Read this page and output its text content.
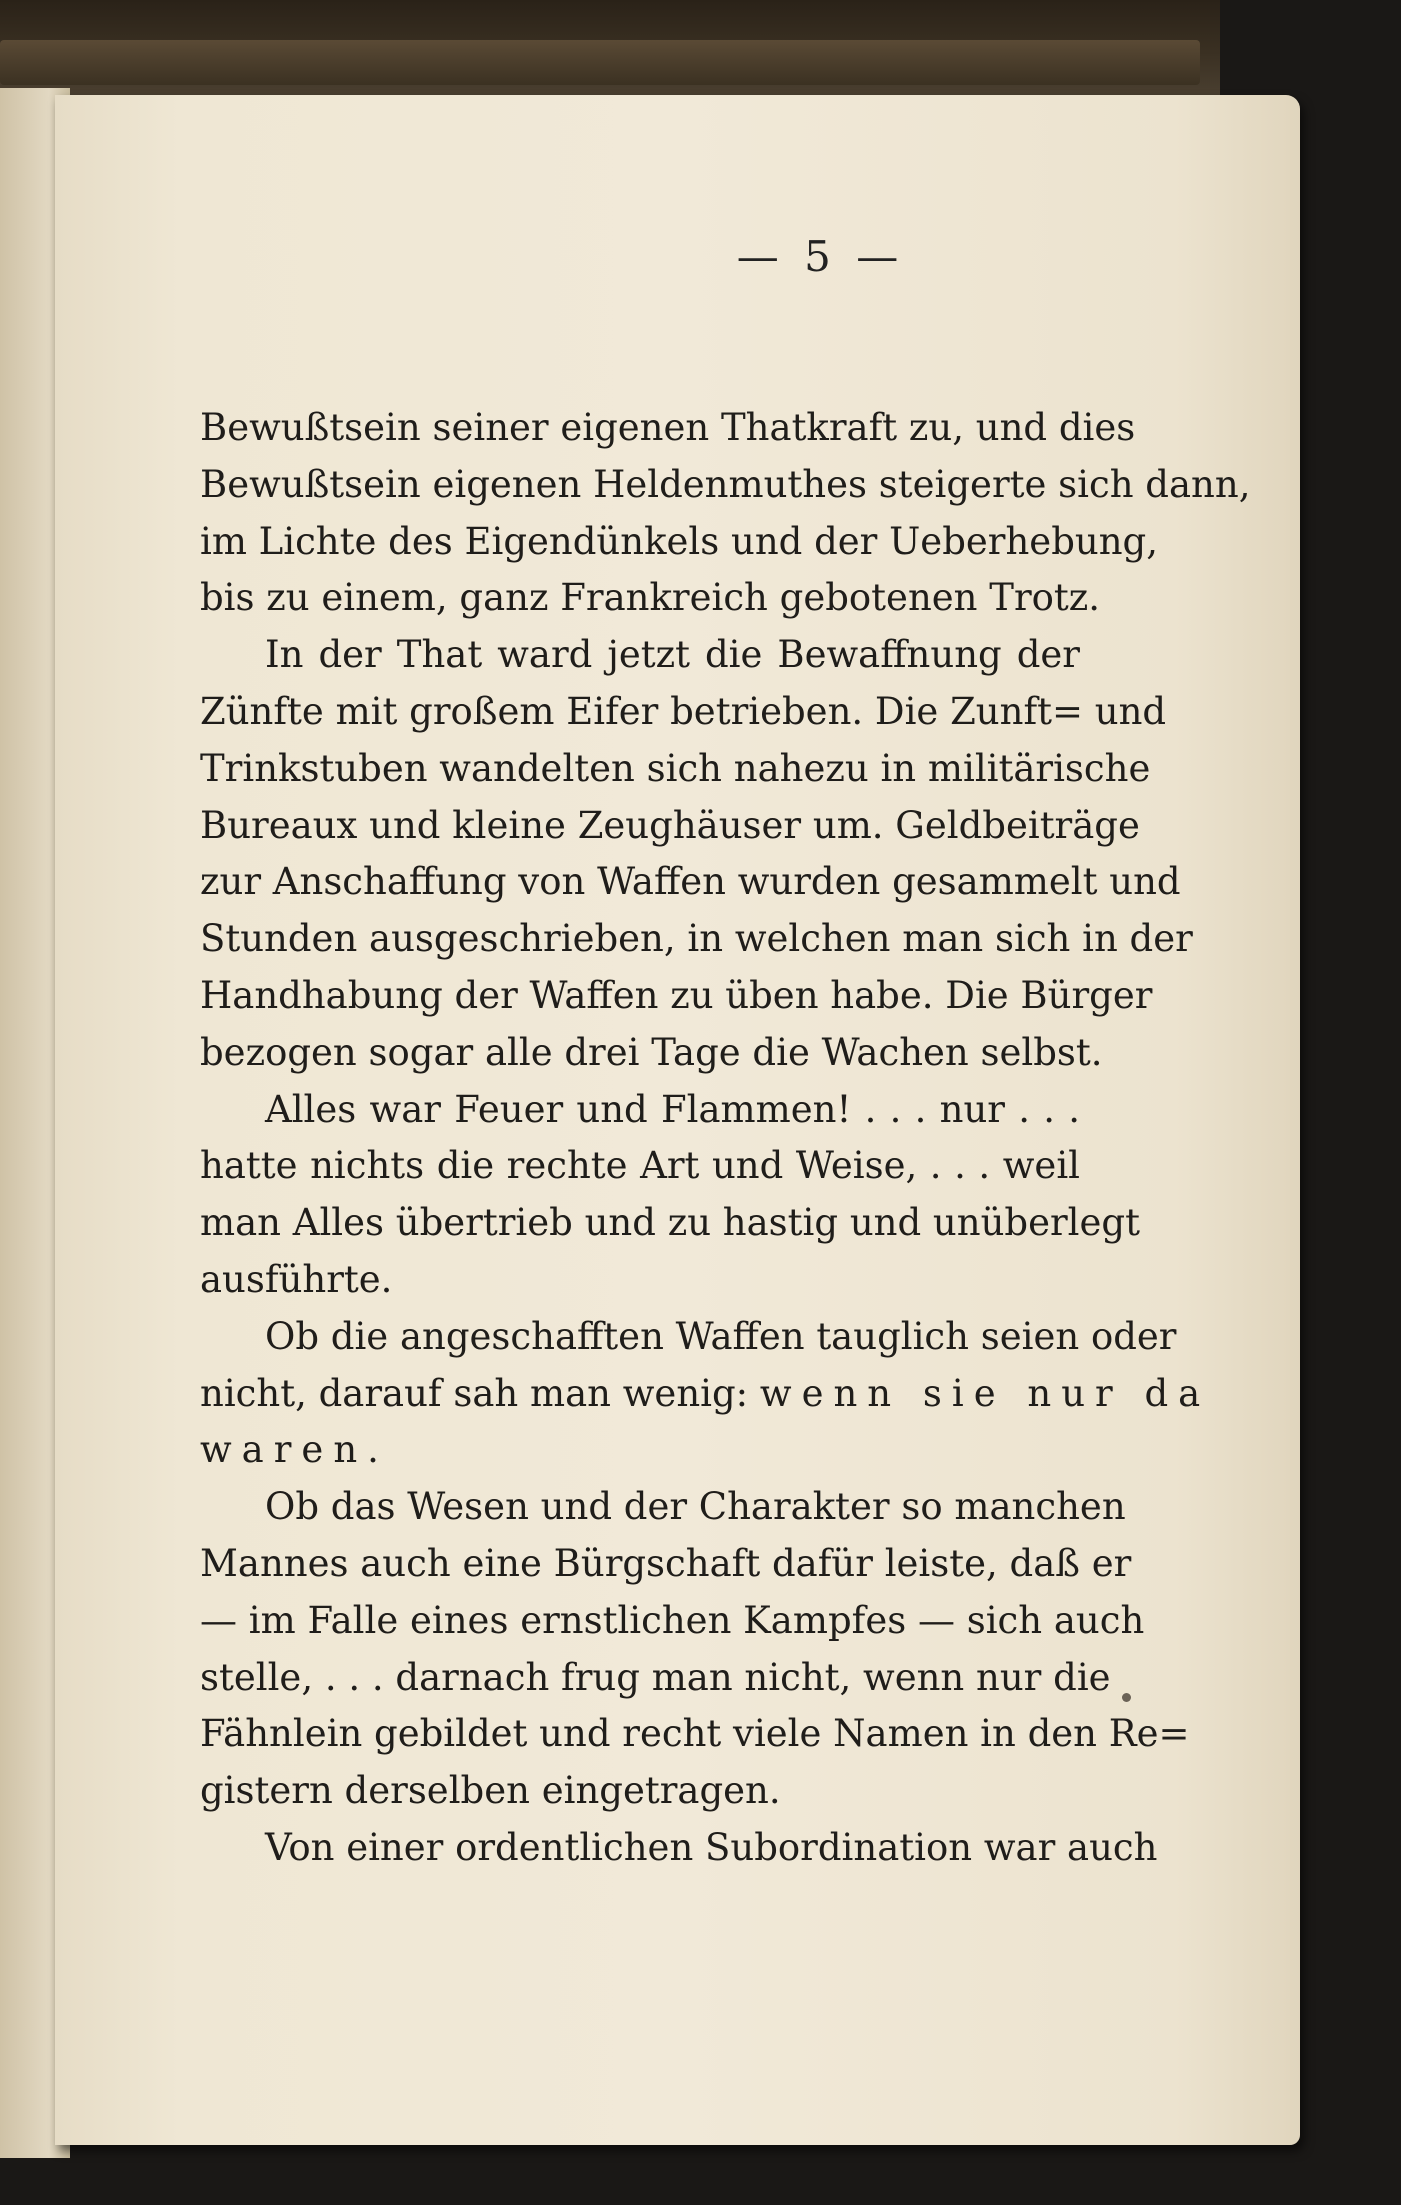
— 5 —
Bewußtsein seiner eigenen Thatkraft zu, und dies
Bewußtsein eigenen Heldenmuthes steigerte sich dann,
im Lichte des Eigendünkels und der Ueberhebung,
bis zu einem, ganz Frankreich gebotenen Trotz.
In der That ward jetzt die Bewaffnung der
Zünfte mit großem Eifer betrieben. Die Zunft= und
Trinkstuben wandelten sich nahezu in militärische
Bureaux und kleine Zeughäuser um. Geldbeiträge
zur Anschaffung von Waffen wurden gesammelt und
Stunden ausgeschrieben, in welchen man sich in der
Handhabung der Waffen zu üben habe. Die Bürger
bezogen sogar alle drei Tage die Wachen selbst.
Alles war Feuer und Flammen! . . . nur . . .
hatte nichts die rechte Art und Weise, . . . weil
man Alles übertrieb und zu hastig und unüberlegt
ausführte.
Ob die angeschafften Waffen tauglich seien oder
nicht, darauf sah man wenig: wenn sie nur da
waren.
Ob das Wesen und der Charakter so manchen
Mannes auch eine Bürgschaft dafür leiste, daß er
— im Falle eines ernstlichen Kampfes — sich auch
stelle, . . . darnach frug man nicht, wenn nur die
Fähnlein gebildet und recht viele Namen in den Re=
gistern derselben eingetragen.
Von einer ordentlichen Subordination war auch
